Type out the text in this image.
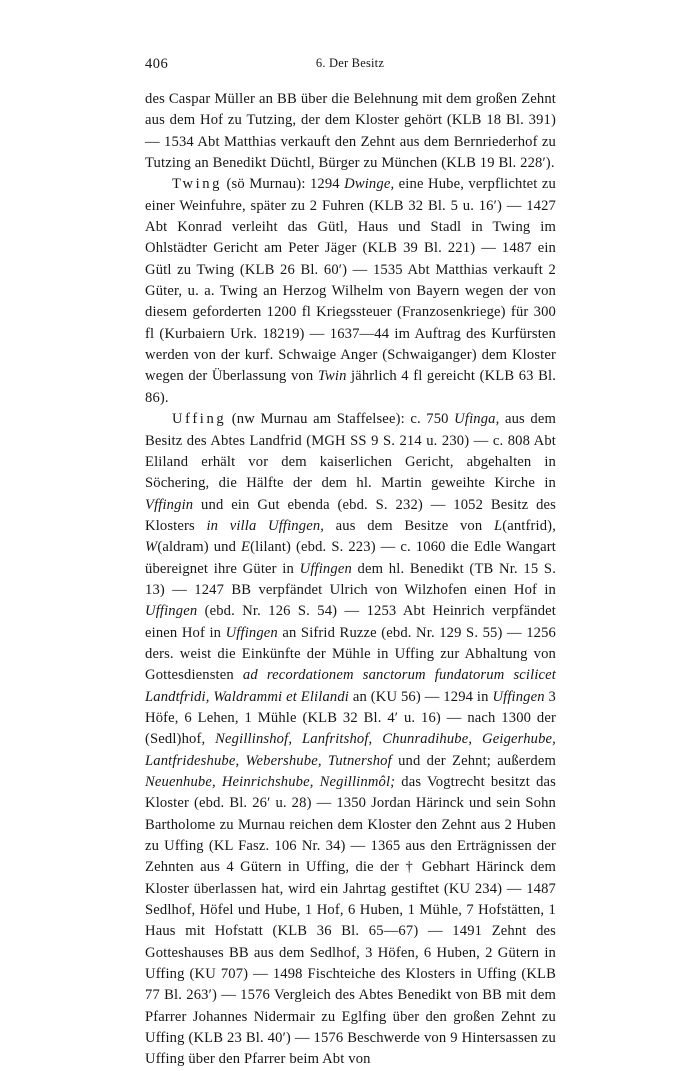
406	6. Der Besitz

des Caspar Müller an BB über die Belehnung mit dem großen Zehnt aus dem Hof zu Tutzing, der dem Kloster gehört (KLB 18 Bl. 391) — 1534 Abt Matthias verkauft den Zehnt aus dem Bernriederhof zu Tutzing an Benedikt Düchtl, Bürger zu München (KLB 19 Bl. 228′).

Twing (sö Murnau): 1294 Dwinge, eine Hube, verpflichtet zu einer Weinfuhre, später zu 2 Fuhren (KLB 32 Bl. 5 u. 16′) — 1427 Abt Konrad verleiht das Gütl, Haus und Stadl in Twing im Ohlstädter Gericht am Peter Jäger (KLB 39 Bl. 221) — 1487 ein Gütl zu Twing (KLB 26 Bl. 60′) — 1535 Abt Matthias verkauft 2 Güter, u. a. Twing an Herzog Wilhelm von Bayern wegen der von diesem geforderten 1200 fl Kriegssteuer (Franzosenkriege) für 300 fl (Kurbaiern Urk. 18219) — 1637—44 im Auftrag des Kurfürsten werden von der kurf. Schwaige Anger (Schwaiganger) dem Kloster wegen der Überlassung von Twin jährlich 4 fl gereicht (KLB 63 Bl. 86).

Uffing (nw Murnau am Staffelsee): c. 750 Ufinga, aus dem Besitz des Abtes Landfrid (MGH SS 9 S. 214 u. 230) — c. 808 Abt Eliland erhält vor dem kaiserlichen Gericht, abgehalten in Söchering, die Hälfte der dem hl. Martin geweihte Kirche in Vffingin und ein Gut ebenda (ebd. S. 232) — 1052 Besitz des Klosters in villa Uffingen, aus dem Besitze von L(antfrid), W(aldram) und E(lilant) (ebd. S. 223) — c. 1060 die Edle Wangart übereignet ihre Güter in Uffingen dem hl. Benedikt (TB Nr. 15 S. 13) — 1247 BB verpfändet Ulrich von Wilzhofen einen Hof in Uffingen (ebd. Nr. 126 S. 54) — 1253 Abt Heinrich verpfändet einen Hof in Uffingen an Sifrid Ruzze (ebd. Nr. 129 S. 55) — 1256 ders. weist die Einkünfte der Mühle in Uffing zur Abhaltung von Gottesdiensten ad recordationem sanctorum fundatorum scilicet Landtfridi, Waldrammi et Elilandi an (KU 56) — 1294 in Uffingen 3 Höfe, 6 Lehen, 1 Mühle (KLB 32 Bl. 4′ u. 16) — nach 1300 der (Sedl)hof, Negillinshof, Lanfritshof, Chunradihube, Geigerhube, Lantfrideshube, Webershube, Tutnershof und der Zehnt; außerdem Neuenhube, Heinrichshube, Negillinmôl; das Vogtrecht besitzt das Kloster (ebd. Bl. 26′ u. 28) — 1350 Jordan Härinck und sein Sohn Bartholome zu Murnau reichen dem Kloster den Zehnt aus 2 Huben zu Uffing (KL Fasz. 106 Nr. 34) — 1365 aus den Erträgnissen der Zehnten aus 4 Gütern in Uffing, die der † Gebhart Härinck dem Kloster überlassen hat, wird ein Jahrtag gestiftet (KU 234) — 1487 Sedlhof, Höfel und Hube, 1 Hof, 6 Huben, 1 Mühle, 7 Hofstätten, 1 Haus mit Hofstatt (KLB 36 Bl. 65—67) — 1491 Zehnt des Gotteshauses BB aus dem Sedlhof, 3 Höfen, 6 Huben, 2 Gütern in Uffing (KU 707) — 1498 Fischteiche des Klosters in Uffing (KLB 77 Bl. 263′) — 1576 Vergleich des Abtes Benedikt von BB mit dem Pfarrer Johannes Nidermair zu Eglfing über den großen Zehnt zu Uffing (KLB 23 Bl. 40′) — 1576 Beschwerde von 9 Hintersassen zu Uffing über den Pfarrer beim Abt von
